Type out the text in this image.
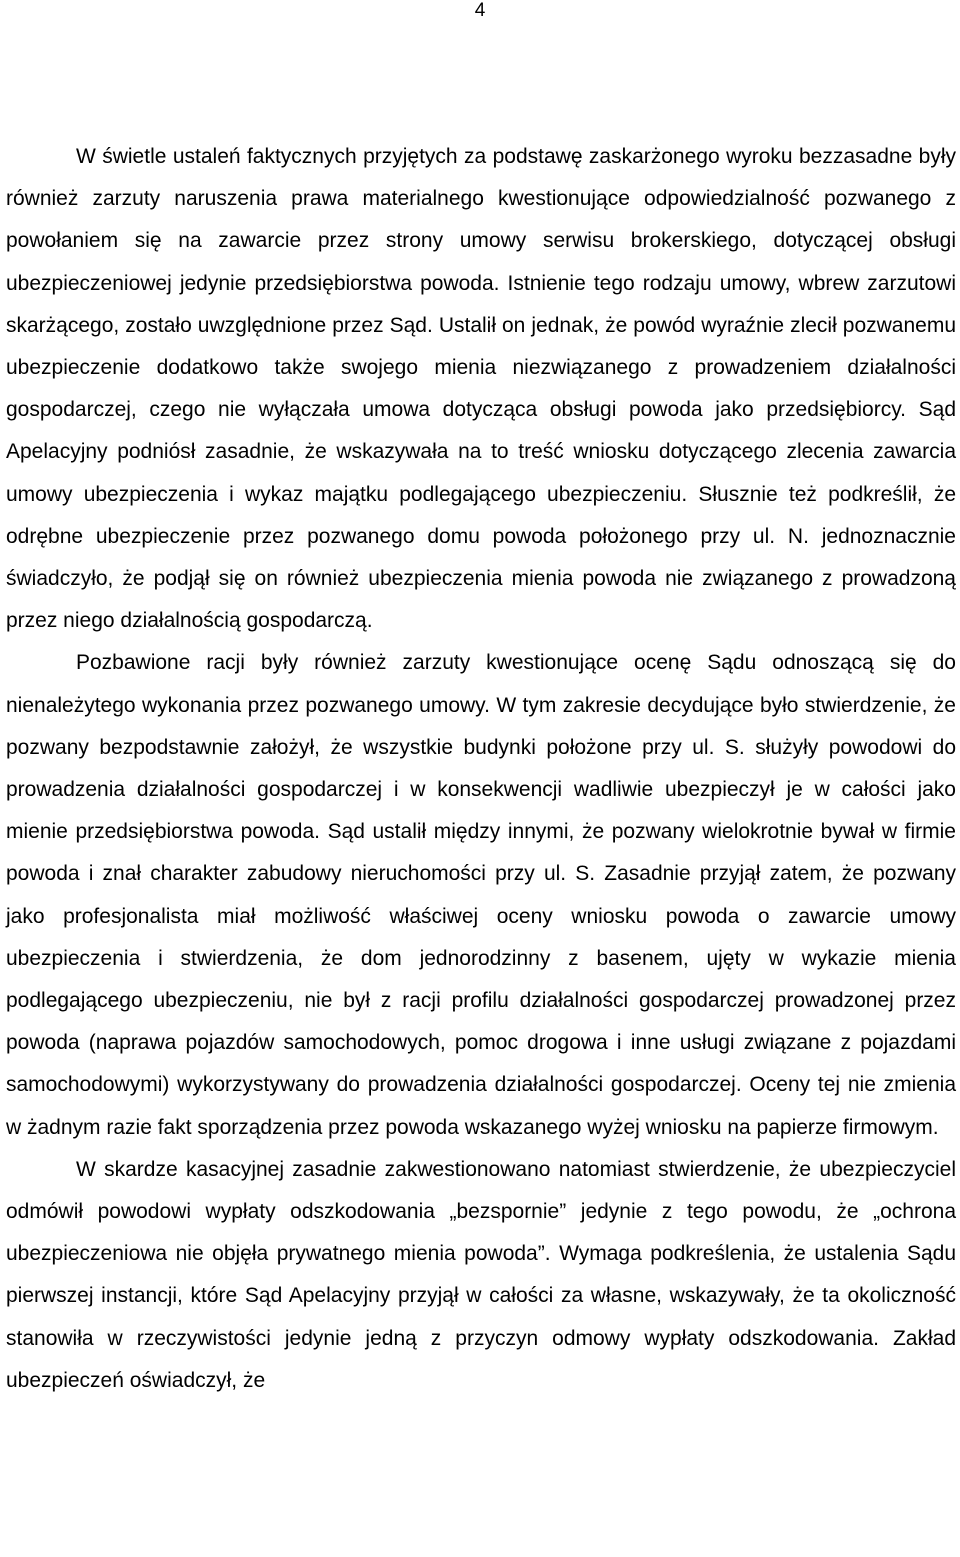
4

W świetle ustaleń faktycznych przyjętych za podstawę zaskarżonego wyroku bezzasadne były również zarzuty naruszenia prawa materialnego kwestionujące odpowiedzialność pozwanego z powołaniem się na zawarcie przez strony umowy serwisu brokerskiego, dotyczącej obsługi ubezpieczeniowej jedynie przedsiębiorstwa powoda. Istnienie tego rodzaju umowy, wbrew zarzutowi skarżącego, zostało uwzględnione przez Sąd. Ustalił on jednak, że powód wyraźnie zlecił pozwanemu ubezpieczenie dodatkowo także swojego mienia niezwiązanego z prowadzeniem działalności gospodarczej, czego nie wyłączała umowa dotycząca obsługi powoda jako przedsiębiorcy. Sąd Apelacyjny podniósł zasadnie, że wskazywała na to treść wniosku dotyczącego zlecenia zawarcia umowy ubezpieczenia i wykaz majątku podlegającego ubezpieczeniu. Słusznie też podkreślił, że odrębne ubezpieczenie przez pozwanego domu powoda położonego przy ul. N. jednoznacznie świadczyło, że podjął się on również ubezpieczenia mienia powoda nie związanego z prowadzoną przez niego działalnością gospodarczą.

Pozbawione racji były również zarzuty kwestionujące ocenę Sądu odnoszącą się do nienależytego wykonania przez pozwanego umowy. W tym zakresie decydujące było stwierdzenie, że pozwany bezpodstawnie założył, że wszystkie budynki położone przy ul. S. służyły powodowi do prowadzenia działalności gospodarczej i w konsekwencji wadliwie ubezpieczył je w całości jako mienie przedsiębiorstwa powoda. Sąd ustalił między innymi, że pozwany wielokrotnie bywał w firmie powoda i znał charakter zabudowy nieruchomości przy ul. S. Zasadnie przyjął zatem, że pozwany jako profesjonalista miał możliwość właściwej oceny wniosku powoda o zawarcie umowy ubezpieczenia i stwierdzenia, że dom jednorodzinny z basenem, ujęty w wykazie mienia podlegającego ubezpieczeniu, nie był z racji profilu działalności gospodarczej prowadzonej przez powoda (naprawa pojazdów samochodowych, pomoc drogowa i inne usługi związane z pojazdami samochodowymi) wykorzystywany do prowadzenia działalności gospodarczej. Oceny tej nie zmienia w żadnym razie fakt sporządzenia przez powoda wskazanego wyżej wniosku na papierze firmowym.

W skardze kasacyjnej zasadnie zakwestionowano natomiast stwierdzenie, że ubezpieczyciel odmówił powodowi wypłaty odszkodowania „bezspornie” jedynie z tego powodu, że „ochrona ubezpieczeniowa nie objęła prywatnego mienia powoda”. Wymaga podkreślenia, że ustalenia Sądu pierwszej instancji, które Sąd Apelacyjny przyjął w całości za własne, wskazywały, że ta okoliczność stanowiła w rzeczywistości jedynie jedną z przyczyn odmowy wypłaty odszkodowania. Zakład ubezpieczeń oświadczył, że
